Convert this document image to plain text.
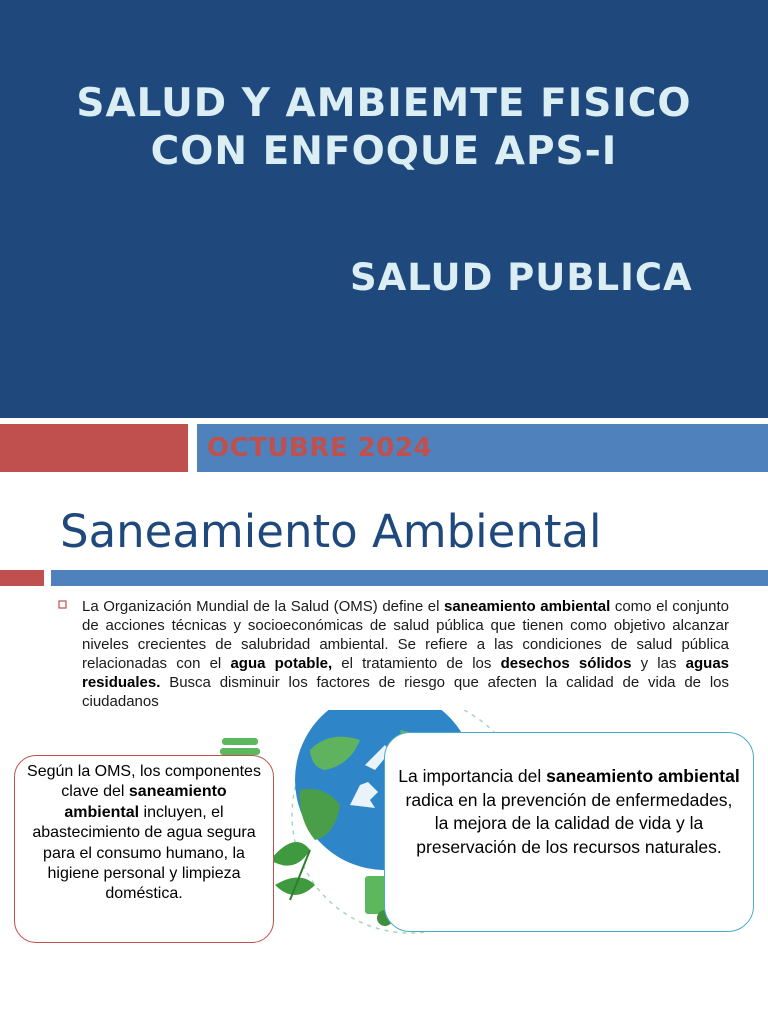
SALUD Y AMBIEMTE FISICO
CON ENFOQUE APS-I
SALUD PUBLICA
OCTUBRE 2024
Saneamiento Ambiental
La Organización Mundial de la Salud (OMS) define el saneamiento ambiental como el conjunto de acciones técnicas y socioeconómicas de salud pública que tienen como objetivo alcanzar niveles crecientes de salubridad ambiental. Se refiere a las condiciones de salud pública relacionadas con el agua potable, el tratamiento de los desechos sólidos y las aguas residuales. Busca disminuir los factores de riesgo que afecten la calidad de vida de los ciudadanos
Según la OMS, los componentes clave del saneamiento ambiental incluyen, el abastecimiento de agua segura para el consumo humano, la higiene personal y limpieza doméstica.
La importancia del saneamiento ambiental radica en la prevención de enfermedades, la mejora de la calidad de vida y la preservación de los recursos naturales.
